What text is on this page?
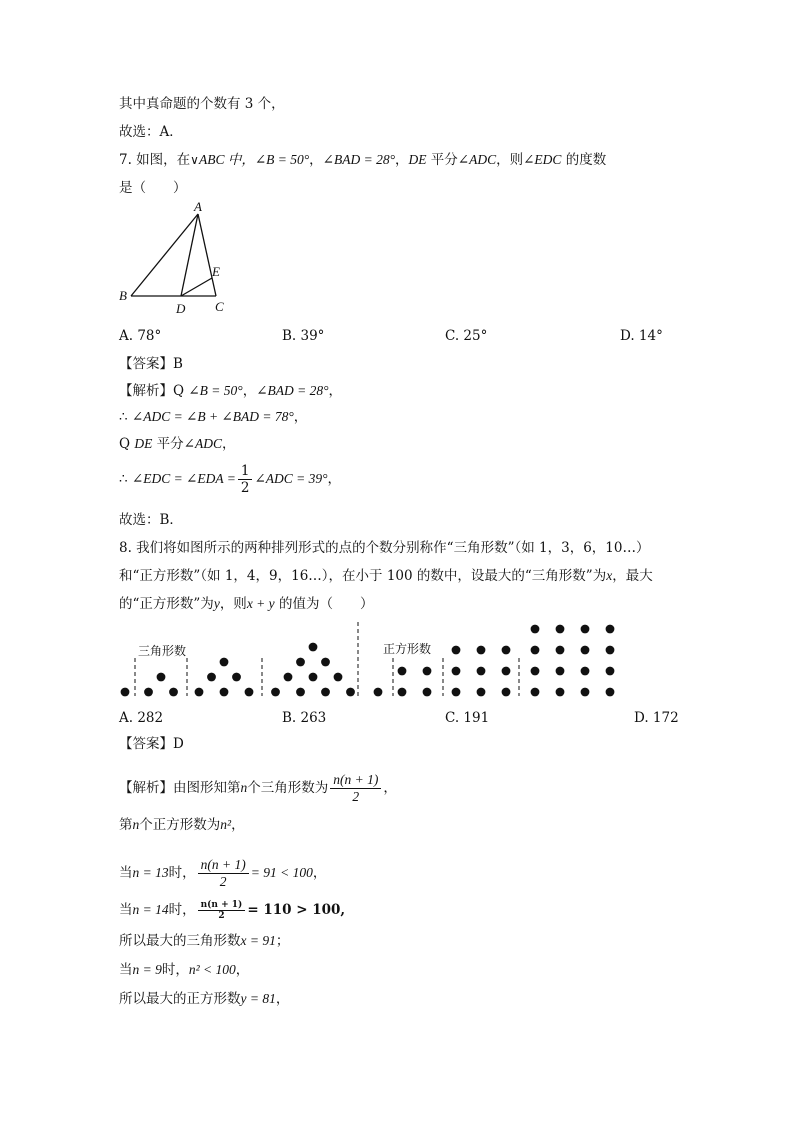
其中真命题的个数有 3 个，
故选：A．
7. 如图，在∨ABC 中，∠B = 50°，∠BAD = 28°，DE 平分∠ADC，则∠EDC 的度数
是（　　）
A
B
C
D
E
A. 78°	B. 39°	C. 25°	D. 14°
【答案】B
【解析】Q ∠B = 50°，∠BAD = 28°，
∴ ∠ADC = ∠B + ∠BAD = 78°，
Q DE 平分∠ADC，
∴ ∠EDC = ∠EDA = $\frac{1}{2}$ ∠ADC = 39°，
故选：B．
8. 我们将如图所示的两种排列形式的点的个数分别称作“三角形数”（如 1，3，6，10…）
和“正方形数”（如 1，4，9，16…），在小于 100 的数中，设最大的“三角形数”为x，最大
的“正方形数”为y，则x + y 的值为（　　）
三角形数	正方形数
A. 282	B. 263	C. 191	D. 172
【答案】D
【解析】由图形知第n个三角形数为 $\frac{n(n + 1)}{2}$ ，
第n个正方形数为n²，
当n = 13时， $\frac{n(n + 1)}{2} = 91 < 100$，
当n = 14时， $\frac{n(n + 1)}{2} = 110 > 100$,
所以最大的三角形数x = 91；
当n = 9时，n² < 100，
所以最大的正方形数y = 81，
